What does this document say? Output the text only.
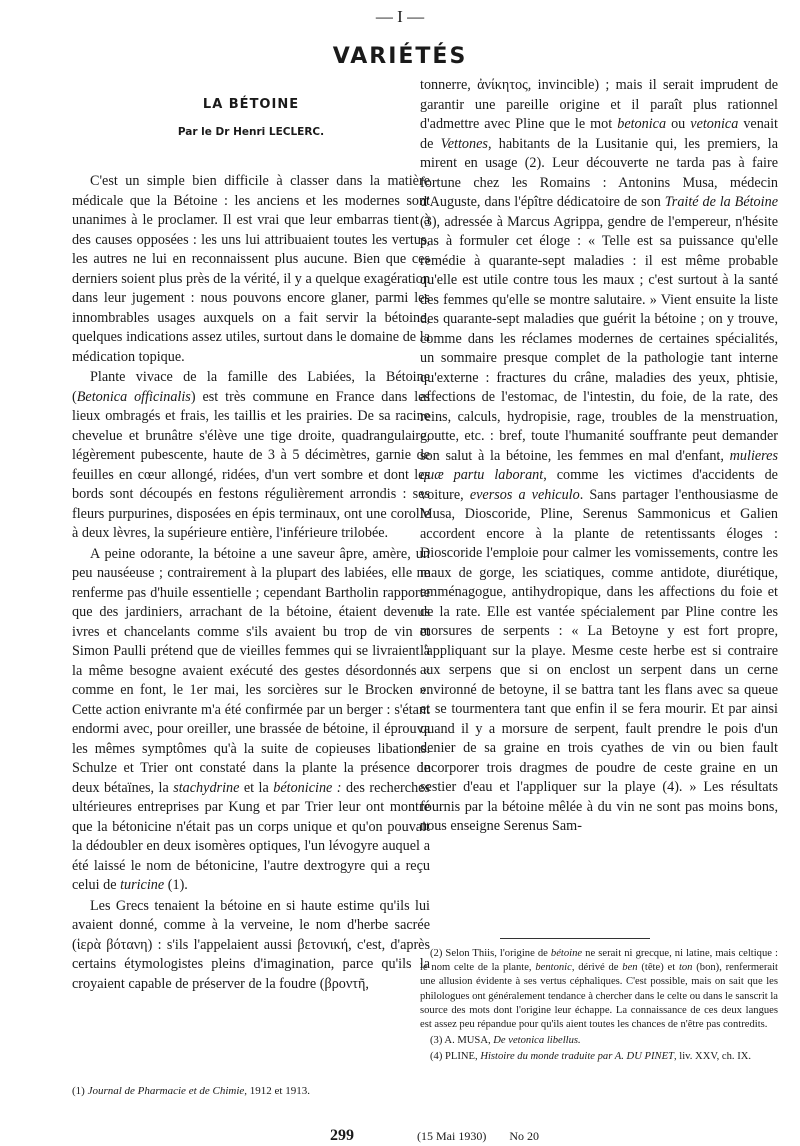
— I —
VARIÉTÉS
LA BÉTOINE
Par le Dr Henri LECLERC.

C'est un simple bien difficile à classer dans la matière médicale que la Bétoine : les anciens et les modernes sont unanimes à le proclamer. Il est vrai que leur embarras tient à des causes opposées : les uns lui attribuaient toutes les vertus, les autres ne lui en reconnaissent plus aucune. Bien que ces derniers soient plus près de la vérité, il y a quelque exagération dans leur jugement : nous pouvons encore glaner, parmi les innombrables usages auxquels on a fait servir la bétoine, quelques indications assez utiles, surtout dans le domaine de la médication topique.

Plante vivace de la famille des Labiées, la Bétoine (Betonica officinalis) est très commune en France dans les lieux ombragés et frais, les taillis et les prairies. De sa racine chevelue et brunâtre s'élève une tige droite, quadrangulaire, légèrement pubescente, haute de 3 à 5 décimètres, garnie de feuilles en cœur allongé, ridées, d'un vert sombre et dont les bords sont découpés en festons régulièrement arrondis : ses fleurs purpurines, disposées en épis terminaux, ont une corolle à deux lèvres, la supérieure entière, l'inférieure trilobée.

A peine odorante, la bétoine a une saveur âpre, amère, un peu nauséeuse ; contrairement à la plupart des labiées, elle ne renferme pas d'huile essentielle ; cependant Bartholin rapporte que des jardiniers, arrachant de la bétoine, étaient devenus ivres et chancelants comme s'ils avaient bu trop de vin et Simon Paulli prétend que de vieilles femmes qui se livraient à la même besogne avaient exécuté des gestes désordonnés « comme en font, le 1er mai, les sorcières sur le Brocken ». Cette action enivrante m'a été confirmée par un berger : s'étant endormi avec, pour oreiller, une brassée de bétoine, il éprouva les mêmes symptômes qu'à la suite de copieuses libations. Schulze et Trier ont constaté dans la plante la présence de deux bétaïnes, la stachydrine et la bétonicine : des recherches ultérieures entreprises par Kung et par Trier leur ont montré que la bétonicine n'était pas un corps unique et qu'on pouvait la dédoubler en deux isomères optiques, l'un lévogyre auquel a été laissé le nom de bétonicine, l'autre dextrogyre qui a reçu celui de turicine (1).

Les Grecs tenaient la bétoine en si haute estime qu'ils lui avaient donné, comme à la verveine, le nom d'herbe sacrée (ἱερὰ βότανη) : s'ils l'appelaient aussi βετονική, c'est, d'après certains étymologistes pleins d'imagination, parce qu'ils la croyaient capable de préserver de la foudre (βροντῆ,

tonnerre, ἀνίκητος, invincible) ; mais il serait imprudent de garantir une pareille origine et il paraît plus rationnel d'admettre avec Pline que le mot betonica ou vetonica venait de Vettones, habitants de la Lusitanie qui, les premiers, la mirent en usage (2). Leur découverte ne tarda pas à faire fortune chez les Romains : Antonins Musa, médecin d'Auguste, dans l'épître dédicatoire de son Traité de la Bétoine (3), adressée à Marcus Agrippa, gendre de l'empereur, n'hésite pas à formuler cet éloge : « Telle est sa puissance qu'elle remédie à quarante-sept maladies : il est même probable qu'elle est utile contre tous les maux ; c'est surtout à la santé des femmes qu'elle se montre salutaire. » Vient ensuite la liste des quarante-sept maladies que guérit la bétoine ; on y trouve, comme dans les réclames modernes de certaines spécialités, un sommaire presque complet de la pathologie tant interne qu'externe : fractures du crâne, maladies des yeux, phtisie, affections de l'estomac, de l'intestin, du foie, de la rate, des reins, calculs, hydropisie, rage, troubles de la menstruation, goutte, etc. : bref, toute l'humanité souffrante peut demander son salut à la bétoine, les femmes en mal d'enfant, mulieres quæ partu laborant, comme les victimes d'accidents de voiture, eversos a vehiculo. Sans partager l'enthousiasme de Musa, Dioscoride, Pline, Serenus Sammonicus et Galien accordent encore à la plante de retentissants éloges : Dioscoride l'emploie pour calmer les vomissements, contre les maux de gorge, les sciatiques, comme antidote, diurétique, emménagogue, antihydropique, dans les affections du foie et de la rate. Elle est vantée spécialement par Pline contre les morsures de serpents : « La Betoyne y est fort propre, l'appliquant sur la playe. Mesme ceste herbe est si contraire aux serpens que si on enclost un serpent dans un cerne environné de betoyne, il se battra tant les flans avec sa queue et se tourmentera tant que enfin il se fera mourir. Et par ainsi quand il y a morsure de serpent, fault prendre le pois d'un denier de sa graine en trois cyathes de vin ou bien fault incorporer trois dragmes de poudre de ceste graine en un sestier d'eau et l'appliquer sur la playe (4). » Les résultats fournis par la bétoine mêlée à du vin ne sont pas moins bons, nous enseigne Serenus Sam-

(1) Journal de Pharmacie et de Chimie, 1912 et 1913.

(2) Selon Thiis, l'origine de bétoine ne serait ni grecque, ni latine, mais celtique : le nom celte de la plante, bentonic, dérivé de ben (tête) et ton (bon), renfermerait une allusion évidente à ses vertus céphaliques. C'est possible, mais on sait que les philologues ont généralement tendance à chercher dans le celte ou dans le sanscrit la source des mots dont l'origine leur échappe. La connaissance de ces deux langues est assez peu répandue pour qu'ils aient toutes les chances de n'être pas contredits.

(3) A. MUSA, De vetonica libellus.

(4) PLINE, Histoire du monde traduite par A. DU PINET, liv. XXV, ch. IX.

299	(15 Mai 1930) No 20
